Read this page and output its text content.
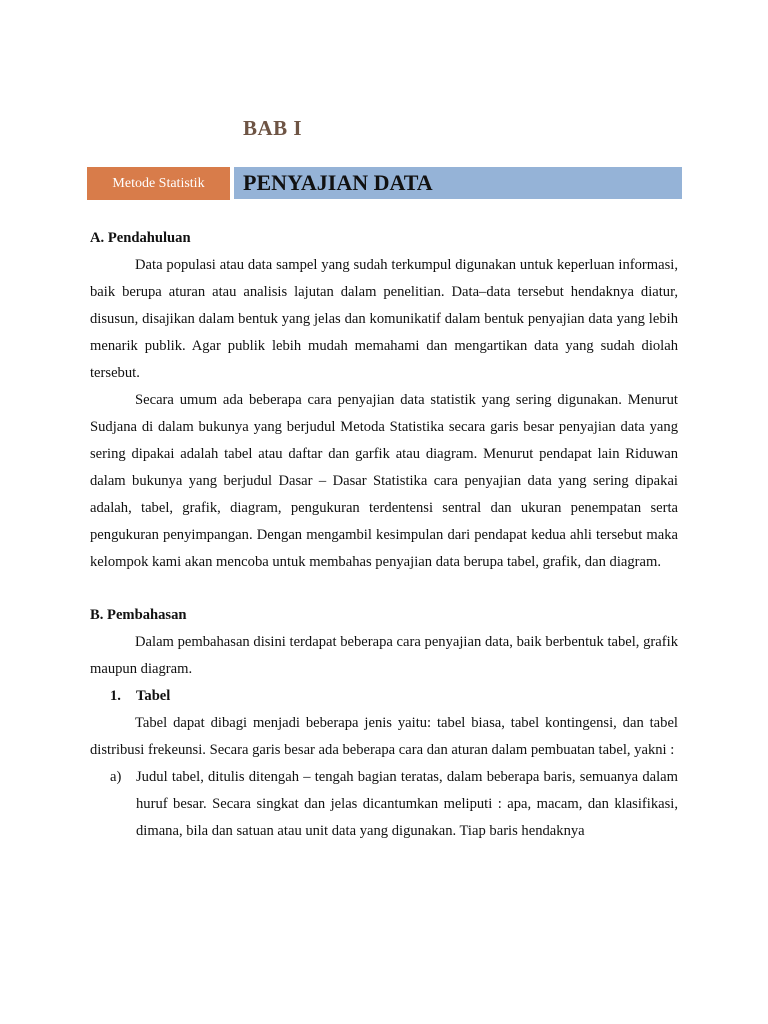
BAB I
Metode Statistik PENYAJIAN DATA

A. Pendahuluan

Data populasi atau data sampel yang sudah terkumpul digunakan untuk keperluan informasi, baik berupa aturan atau analisis lajutan dalam penelitian. Data–data tersebut hendaknya diatur, disusun, disajikan dalam bentuk yang jelas dan komunikatif dalam bentuk penyajian data yang lebih menarik publik. Agar publik lebih mudah memahami dan mengartikan data yang sudah diolah tersebut.

Secara umum ada beberapa cara penyajian data statistik yang sering digunakan. Menurut Sudjana di dalam bukunya yang berjudul Metoda Statistika secara garis besar penyajian data yang sering dipakai adalah tabel atau daftar dan garfik atau diagram. Menurut pendapat lain Riduwan dalam bukunya yang berjudul Dasar – Dasar Statistika cara penyajian data yang sering dipakai adalah, tabel, grafik, diagram, pengukuran terdentensi sentral dan ukuran penempatan serta pengukuran penyimpangan. Dengan mengambil kesimpulan dari pendapat kedua ahli tersebut maka kelompok kami akan mencoba untuk membahas penyajian data berupa tabel, grafik, dan diagram.

B. Pembahasan

Dalam pembahasan disini terdapat beberapa cara penyajian data, baik berbentuk tabel, grafik maupun diagram.

1.	Tabel

Tabel dapat dibagi menjadi beberapa jenis yaitu: tabel biasa, tabel kontingensi, dan tabel distribusi frekeunsi. Secara garis besar ada beberapa cara dan aturan dalam pembuatan tabel, yakni :

a)	Judul tabel, ditulis ditengah – tengah bagian teratas, dalam beberapa baris, semuanya dalam huruf besar. Secara singkat dan jelas dicantumkan meliputi : apa, macam, dan klasifikasi, dimana, bila dan satuan atau unit data yang digunakan. Tiap baris hendaknya
